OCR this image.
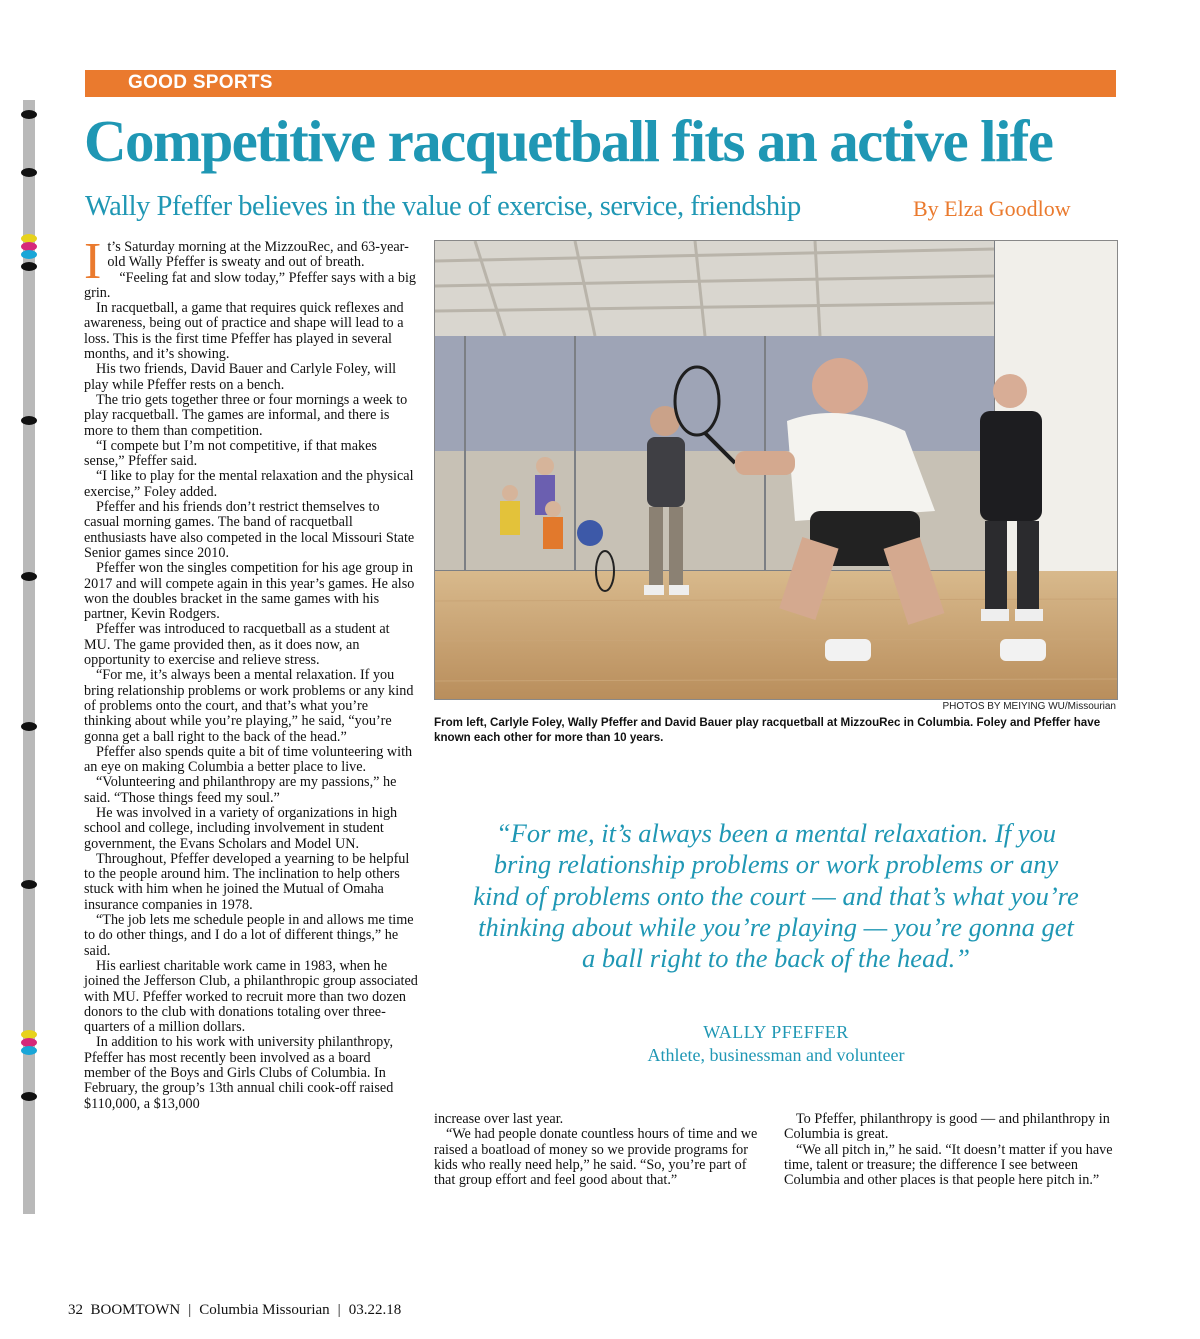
GOOD SPORTS
Competitive racquetball fits an active life
Wally Pfeffer believes in the value of exercise, service, friendship	By Elza Goodlow

It’s Saturday morning at the MizzouRec, and 63-year-old Wally Pfeffer is sweaty and out of breath.

“Feeling fat and slow today,” Pfeffer says with a big grin.

In racquetball, a game that requires quick reflexes and awareness, being out of practice and shape will lead to a loss. This is the first time Pfeffer has played in several months, and it’s showing.

His two friends, David Bauer and Carlyle Foley, will play while Pfeffer rests on a bench.

The trio gets together three or four mornings a week to play racquetball. The games are informal, and there is more to them than competition.

“I compete but I’m not competitive, if that makes sense,” Pfeffer said.

“I like to play for the mental relaxation and the physical exercise,” Foley added.

Pfeffer and his friends don’t restrict themselves to casual morning games. The band of racquetball enthusiasts have also competed in the local Missouri State Senior games since 2010.

Pfeffer won the singles competition for his age group in 2017 and will compete again in this year’s games. He also won the doubles bracket in the same games with his partner, Kevin Rodgers.

Pfeffer was introduced to racquetball as a student at MU. The game provided then, as it does now, an opportunity to exercise and relieve stress.

“For me, it’s always been a mental relaxation. If you bring relationship problems or work problems or any kind of problems onto the court, and that’s what you’re thinking about while you’re playing,” he said, “you’re gonna get a ball right to the back of the head.”

Pfeffer also spends quite a bit of time volunteering with an eye on making Columbia a better place to live.

“Volunteering and philanthropy are my passions,” he said. “Those things feed my soul.”

He was involved in a variety of organizations in high school and college, including involvement in student government, the Evans Scholars and Model UN.

Throughout, Pfeffer developed a yearning to be helpful to the people around him. The inclination to help others stuck with him when he joined the Mutual of Omaha insurance companies in 1978.

“The job lets me schedule people in and allows me time to do other things, and I do a lot of different things,” he said.

His earliest charitable work came in 1983, when he joined the Jefferson Club, a philanthropic group associated with MU. Pfeffer worked to recruit more than two dozen donors to the club with donations totaling over three-quarters of a million dollars.

In addition to his work with university philanthropy, Pfeffer has most recently been involved as a board member of the Boys and Girls Clubs of Columbia. In February, the group’s 13th annual chili cook-off raised $110,000, a $13,000

PHOTOS BY MEIYING WU/Missourian

From left, Carlyle Foley, Wally Pfeffer and David Bauer play racquetball at MizzouRec in Columbia. Foley and Pfeffer have known each other for more than 10 years.

“For me, it’s always been a mental relaxation. If you bring relationship problems or work problems or any kind of problems onto the court — and that’s what you’re thinking about while you’re playing — you’re gonna get a ball right to the back of the head.”

WALLY PFEFFER
Athlete, businessman and volunteer

increase over last year.

“We had people donate countless hours of time and we raised a boatload of money so we provide programs for kids who really need help,” he said. “So, you’re part of that group effort and feel good about that.”

To Pfeffer, philanthropy is good — and philanthropy in Columbia is great.

“We all pitch in,” he said. “It doesn’t matter if you have time, talent or treasure; the difference I see between Columbia and other places is that people here pitch in.”

32 BOOMTOWN | Columbia Missourian | 03.22.18
